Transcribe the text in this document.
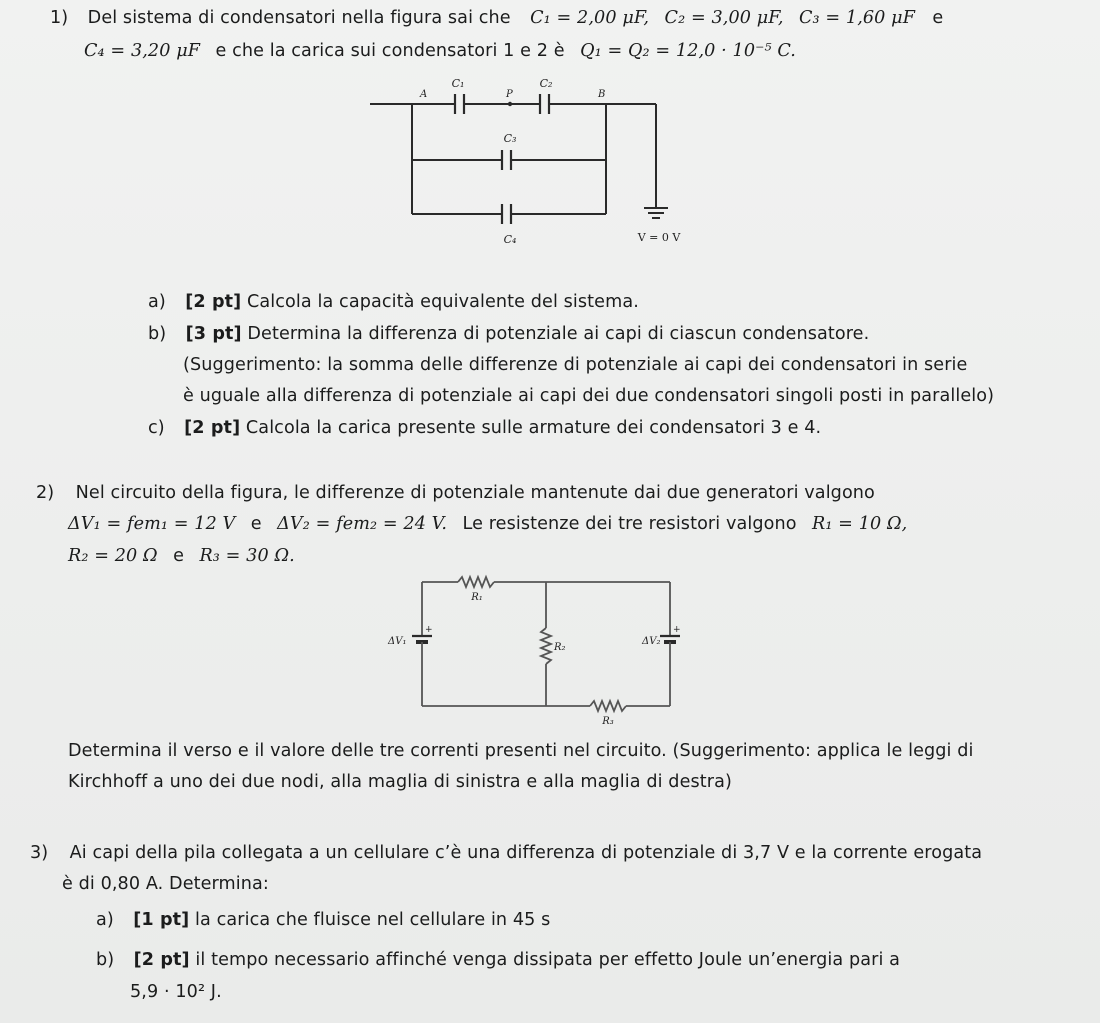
1) Del sistema di condensatori nella figura sai che C₁ = 2,00 μF, C₂ = 3,00 μF, C₃ = 1,60 μF e
C₄ = 3,20 μF e che la carica sui condensatori 1 e 2 è Q₁ = Q₂ = 12,0 · 10⁻⁵ C.
C₁	C₂
A	P	B
C₃
C₄	V = 0 V
a) [2 pt] Calcola la capacità equivalente del sistema.
b) [3 pt] Determina la differenza di potenziale ai capi di ciascun condensatore.
(Suggerimento: la somma delle differenze di potenziale ai capi dei condensatori in serie
è uguale alla differenza di potenziale ai capi dei due condensatori singoli posti in parallelo)
c) [2 pt] Calcola la carica presente sulle armature dei condensatori 3 e 4.
2) Nel circuito della figura, le differenze di potenziale mantenute dai due generatori valgono
ΔV₁ = fem₁ = 12 V e ΔV₂ = fem₂ = 24 V. Le resistenze dei tre resistori valgono R₁ = 10 Ω,
R₂ = 20 Ω e R₃ = 30 Ω.
R₁
R₂
R₃
ΔV₁	ΔV₂
+	+
Determina il verso e il valore delle tre correnti presenti nel circuito. (Suggerimento: applica le leggi di
Kirchhoff a uno dei due nodi, alla maglia di sinistra e alla maglia di destra)
3) Ai capi della pila collegata a un cellulare c’è una differenza di potenziale di 3,7 V e la corrente erogata
è di 0,80 A. Determina:
a) [1 pt] la carica che fluisce nel cellulare in 45 s
b) [2 pt] il tempo necessario affinché venga dissipata per effetto Joule un’energia pari a
5,9 · 10² J.
